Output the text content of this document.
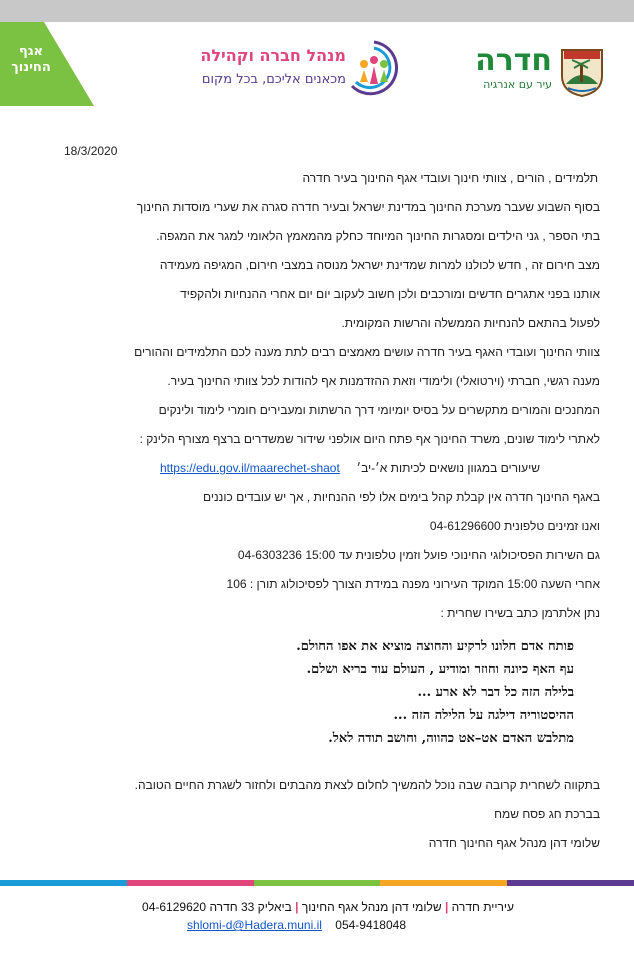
אגף
החינוך
מנהל חברה וקהילה
מכאנים אליכם, בכל מקום
חדרה
עיר עם אנרגיה
18/3/2020
תלמידים , הורים , צוותי חינוך ועובדי אגף החינוך בעיר חדרה
בסוף השבוע שעבר מערכת החינוך במדינת ישראל ובעיר חדרה סגרה את שערי מוסדות החינוך
בתי הספר , גני הילדים ומסגרות החינוך המיוחד כחלק מהמאמץ הלאומי למגר את המגפה.
מצב חירום זה , חדש לכולנו למרות שמדינת ישראל מנוסה במצבי חירום, המגיפה מעמידה
אותנו בפני אתגרים חדשים ומורכבים ולכן חשוב לעקוב יום יום אחרי ההנחיות ולהקפיד
לפעול בהתאם להנחיות הממשלה והרשות המקומית.
צוותי החינוך ועובדי האגף בעיר חדרה עושים מאמצים רבים לתת מענה לכם התלמידים וההורים
מענה רגשי, חברתי (וירטואלי) ולימודי וזאת ההזדמנות אף להודות לכל צוותי החינוך בעיר.
המחנכים והמורים מתקשרים על בסיס יומיומי דרך הרשתות ומעבירים חומרי לימוד ולינקים
לאתרי לימוד שונים, משרד החינוך אף פתח היום אולפני שידור שמשדרים ברצף מצורף הלינק :
שיעורים במגוון נושאים לכיתות א׳-יב׳     https://edu.gov.il/maarechet-shaot
באגף החינוך חדרה אין קבלת קהל בימים אלו לפי ההנחיות , אך יש עובדים כוננים
ואנו זמינים טלפונית 04-61296600
גם השירות הפסיכולוגי החינוכי פועל וזמין טלפונית עד 15:00 04-6303236
אחרי השעה 15:00 המוקד העירוני מפנה במידת הצורך לפסיכולוג תורן : 106
נתן אלתרמן כתב בשירו שחרית :
פותח אדם חלונו לרקיע והחוצה מוציא את אפו החולם.
עף האף כיונה וחוזר ומודיע , העולם עוד בריא ושלם.
בלילה הזה כל דבר לא ארע ...
ההיסטוריה דילגה על הלילה הזה ...
מתלבש האדם אט–אט כהווה, וחושב תודה לאל.
בתקווה לשחרית קרובה שבה נוכל להמשיך לחלום לצאת מהבתים ולחזור לשגרת החיים הטובה.
בברכת חג פסח שמח
שלומי דהן מנהל אגף החינוך חדרה
עיריית חדרה | שלומי דהן מנהל אגף החינוך | ביאליק 33 חדרה 04-6129620
shlomi-d@Hadera.muni.il 054-9418048
